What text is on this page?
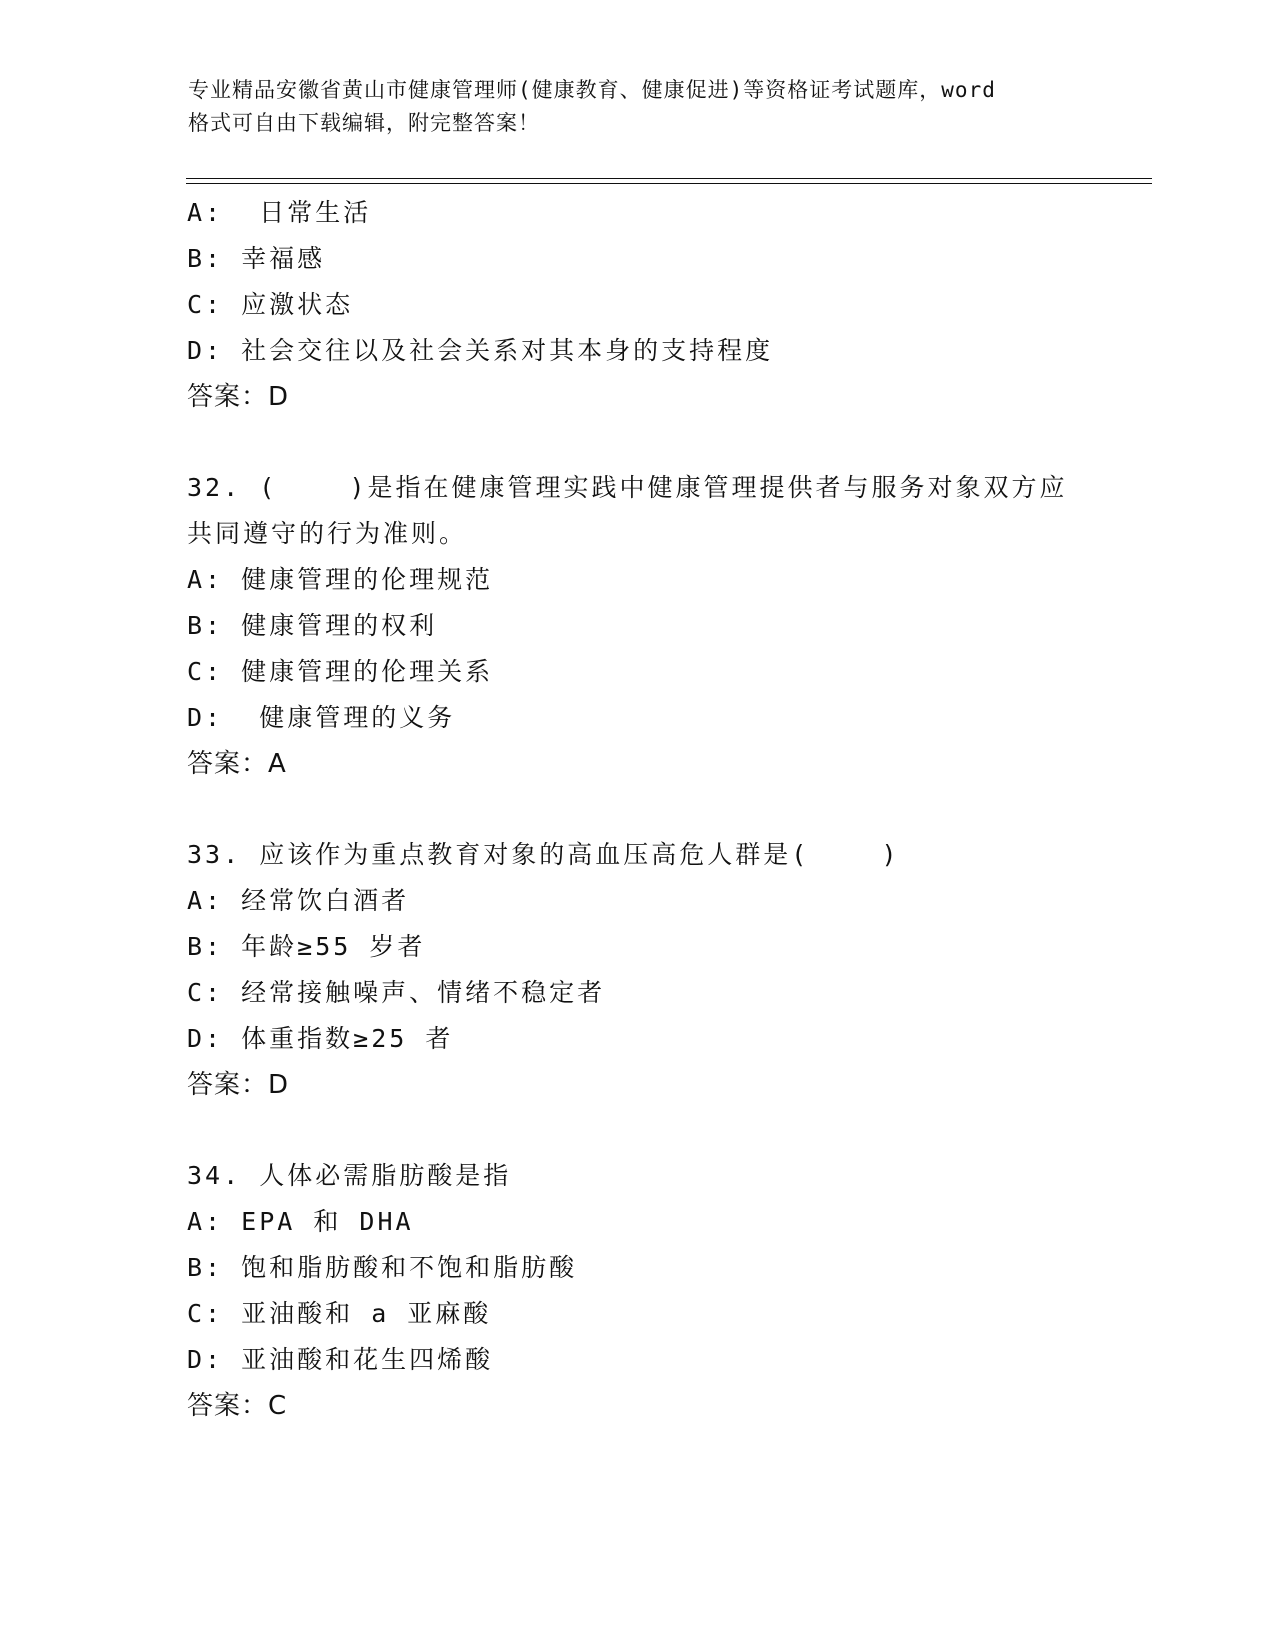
专业精品安徽省黄山市健康管理师(健康教育、健康促进)等资格证考试题库，word
格式可自由下载编辑，附完整答案！
A:  日常生活
B: 幸福感
C: 应激状态
D: 社会交往以及社会关系对其本身的支持程度
答案：D
32. (    )是指在健康管理实践中健康管理提供者与服务对象双方应
共同遵守的行为准则。
A: 健康管理的伦理规范
B: 健康管理的权利
C: 健康管理的伦理关系
D:  健康管理的义务
答案：A
33. 应该作为重点教育对象的高血压高危人群是(    )
A: 经常饮白酒者
B: 年龄≥55 岁者
C: 经常接触噪声、情绪不稳定者
D: 体重指数≥25 者
答案：D
34. 人体必需脂肪酸是指
A: EPA 和 DHA
B: 饱和脂肪酸和不饱和脂肪酸
C: 亚油酸和 a 亚麻酸
D: 亚油酸和花生四烯酸
答案：C
